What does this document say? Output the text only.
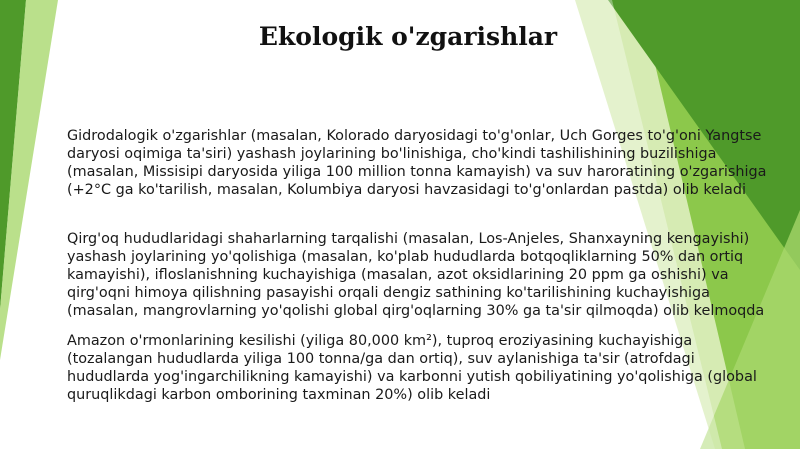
Ekologik o'zgarishlar

Gidrodalogik o'zgarishlar (masalan, Kolorado daryosidagi to'g'onlar, Uch Gorges to'g'oni Yangtse daryosi oqimiga ta'siri) yashash joylarining bo'linishiga, cho'kindi tashilishining buzilishiga (masalan, Missisipi daryosida yiliga 100 million tonna kamayish) va suv haroratining o'zgarishiga (+2°C ga ko'tarilish, masalan, Kolumbiya daryosi havzasidagi to'g'onlardan pastda) olib keladi

Qirg'oq hududlaridagi shaharlarning tarqalishi (masalan, Los-Anjeles, Shanxayning kengayishi) yashash joylarining yo'qolishiga (masalan, ko'plab hududlarda botqoqliklarning 50% dan ortiq kamayishi), ifloslanishning kuchayishiga (masalan, azot oksidlarining 20 ppm ga oshishi) va qirg'oqni himoya qilishning pasayishi orqali dengiz sathining ko'tarilishining kuchayishiga (masalan, mangrovlarning yo'qolishi global qirg'oqlarning 30% ga ta'sir qilmoqda) olib kelmoqda

Amazon o'rmonlarining kesilishi (yiliga 80,000 km²), tuproq eroziyasining kuchayishiga (tozalangan hududlarda yiliga 100 tonna/ga dan ortiq), suv aylanishiga ta'sir (atrofdagi hududlarda yog'ingarchilikning kamayishi) va karbonni yutish qobiliyatining yo'qolishiga (global quruqlikdagi karbon omborining taxminan 20%) olib keladi
